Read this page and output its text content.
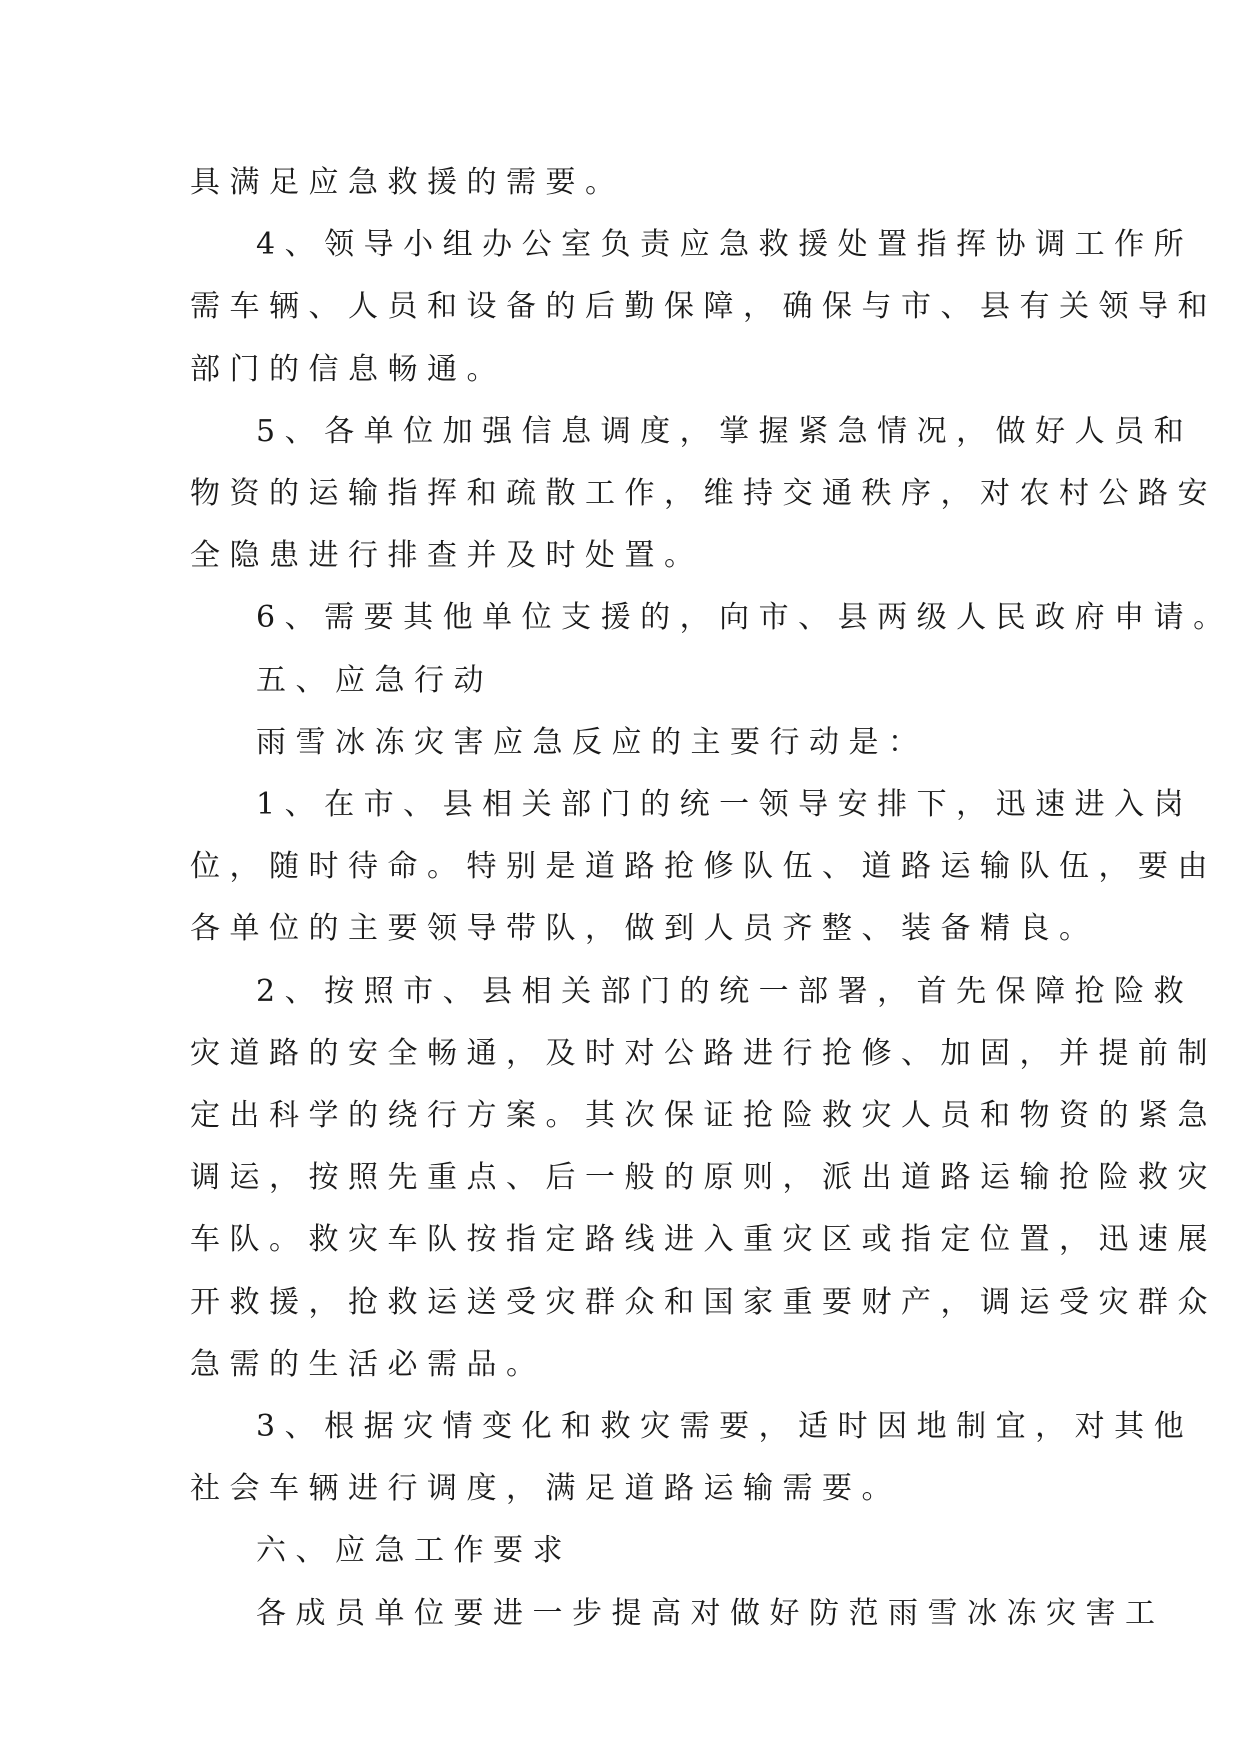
具满足应急救援的需要。

4、领导小组办公室负责应急救援处置指挥协调工作所

需车辆、人员和设备的后勤保障，确保与市、县有关领导和

部门的信息畅通。

5、各单位加强信息调度，掌握紧急情况，做好人员和

物资的运输指挥和疏散工作，维持交通秩序，对农村公路安

全隐患进行排查并及时处置。

6、需要其他单位支援的，向市、县两级人民政府申请。

五、应急行动

雨雪冰冻灾害应急反应的主要行动是：

1、在市、县相关部门的统一领导安排下，迅速进入岗

位，随时待命。特别是道路抢修队伍、道路运输队伍，要由

各单位的主要领导带队，做到人员齐整、装备精良。

2、按照市、县相关部门的统一部署，首先保障抢险救

灾道路的安全畅通，及时对公路进行抢修、加固，并提前制

定出科学的绕行方案。其次保证抢险救灾人员和物资的紧急

调运，按照先重点、后一般的原则，派出道路运输抢险救灾

车队。救灾车队按指定路线进入重灾区或指定位置，迅速展

开救援，抢救运送受灾群众和国家重要财产，调运受灾群众

急需的生活必需品。

3、根据灾情变化和救灾需要，适时因地制宜，对其他

社会车辆进行调度，满足道路运输需要。

六、应急工作要求

各成员单位要进一步提高对做好防范雨雪冰冻灾害工
